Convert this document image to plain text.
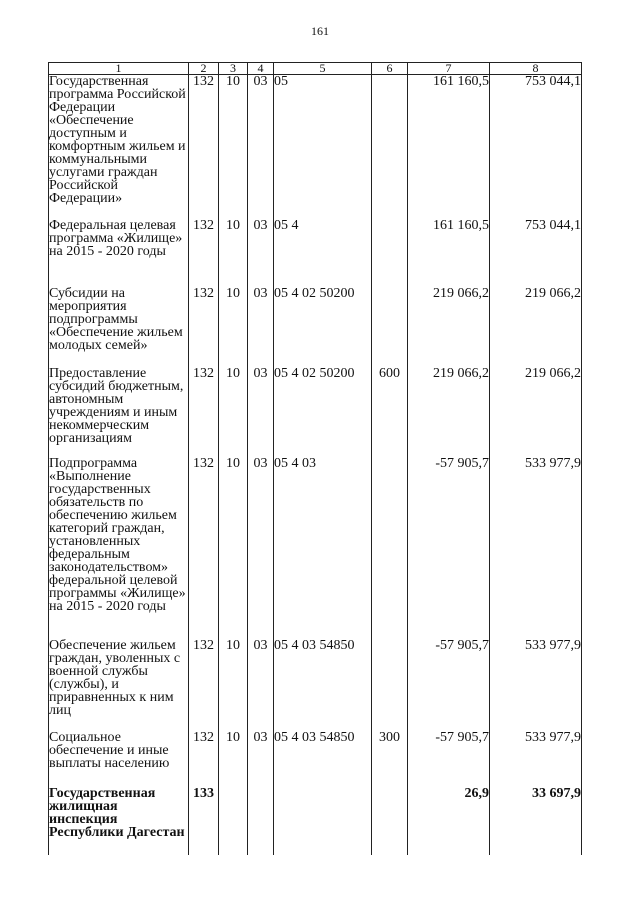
161
1	2	3	4	5	6	7	8
Государственная программа Российской Федерации «Обеспечение доступным и комфортным жильем и коммунальными услугами граждан Российской Федерации»	132	10	03	05		161 160,5	753 044,1
Федеральная целевая программа «Жилище» на 2015 - 2020 годы	132	10	03	05 4		161 160,5	753 044,1
Субсидии на мероприятия подпрограммы «Обеспечение жильем молодых семей»	132	10	03	05 4 02 50200		219 066,2	219 066,2
Предоставление субсидий бюджетным, автономным учреждениям и иным некоммерческим организациям	132	10	03	05 4 02 50200	600	219 066,2	219 066,2
Подпрограмма «Выполнение государственных обязательств по обеспечению жильем категорий граждан, установленных федеральным законодательством» федеральной целевой программы «Жилище» на 2015 - 2020 годы	132	10	03	05 4 03		-57 905,7	533 977,9
Обеспечение жильем граждан, уволенных с военной службы (службы), и приравненных к ним лиц	132	10	03	05 4 03 54850		-57 905,7	533 977,9
Социальное обеспечение и иные выплаты населению	132	10	03	05 4 03 54850	300	-57 905,7	533 977,9
Государственная жилищная инспекция Республики Дагестан	133					26,9	33 697,9
